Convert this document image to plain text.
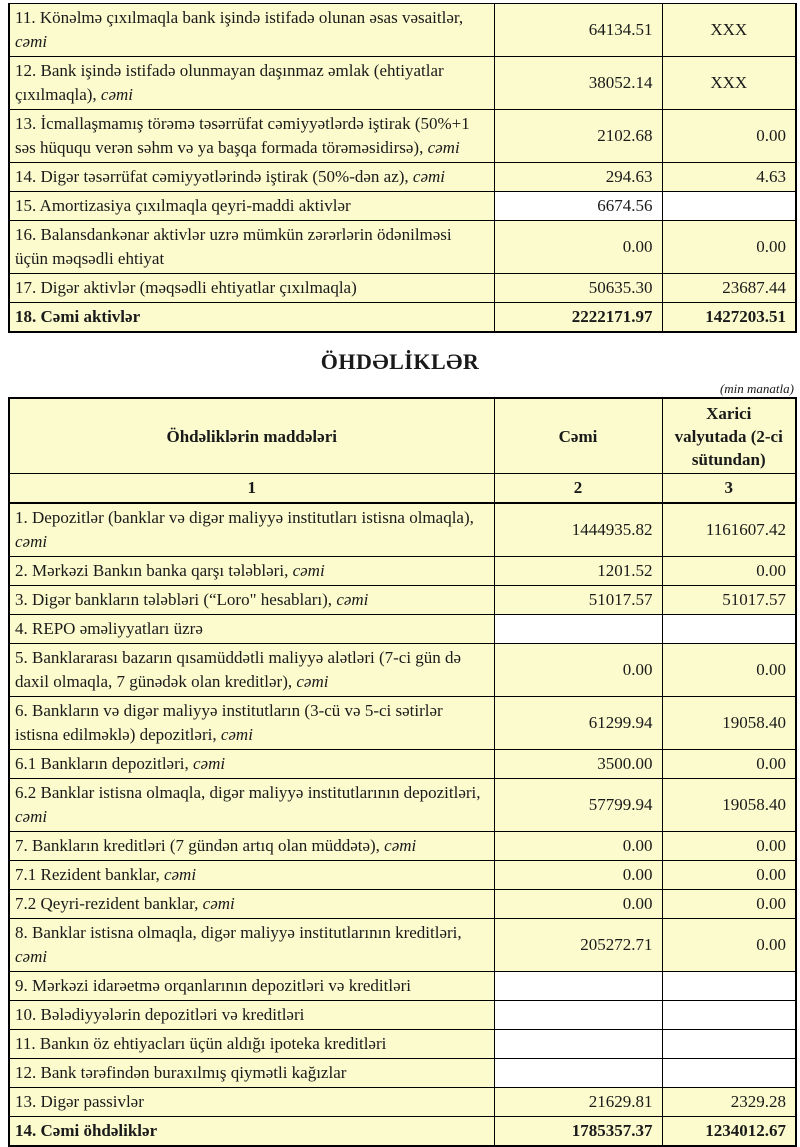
11. Könəlmə çıxılmaqla bank işində istifadə olunan əsas vəsaitlər, cəmi	64134.51	XXX
12. Bank işində istifadə olunmayan daşınmaz əmlak (ehtiyatlar çıxılmaqla), cəmi	38052.14	XXX
13. İcmallaşmamış törəmə təsərrüfat cəmiyyətlərdə iştirak (50%+1 səs hüququ verən səhm və ya başqa formada törəməsidirsə), cəmi	2102.68	0.00
14. Digər təsərrüfat cəmiyyətlərində iştirak (50%-dən az), cəmi	294.63	4.63
15. Amortizasiya çıxılmaqla qeyri-maddi aktivlər	6674.56	
16. Balansdankənar aktivlər uzrə mümkün zərərlərin ödənilməsi üçün məqsədli ehtiyat	0.00	0.00
17. Digər aktivlər (məqsədli ehtiyatlar çıxılmaqla)	50635.30	23687.44
18. Cəmi aktivlər	2222171.97	1427203.51
ÖHDƏLİKLƏR
(min manatla)
Öhdəliklərin maddələri	Cəmi	Xarici valyutada (2-ci sütundan)
1	2	3
1. Depozitlər (banklar və digər maliyyə institutları istisna olmaqla), cəmi	1444935.82	1161607.42
2. Mərkəzi Bankın banka qarşı tələbləri, cəmi	1201.52	0.00
3. Digər bankların tələbləri (“Loro" hesabları), cəmi	51017.57	51017.57
4. REPO əməliyyatları üzrə		
5. Banklararası bazarın qısamüddətli maliyyə alətləri (7-ci gün də daxil olmaqla, 7 günədək olan kreditlər), cəmi	0.00	0.00
6. Bankların və digər maliyyə institutların (3-cü və 5-ci sətirlər istisna edilməklə) depozitləri, cəmi	61299.94	19058.40
6.1 Bankların depozitləri, cəmi	3500.00	0.00
6.2 Banklar istisna olmaqla, digər maliyyə institutlarının depozitləri, cəmi	57799.94	19058.40
7. Bankların kreditləri (7 gündən artıq olan müddətə), cəmi	0.00	0.00
7.1 Rezident banklar, cəmi	0.00	0.00
7.2 Qeyri-rezident banklar, cəmi	0.00	0.00
8. Banklar istisna olmaqla, digər maliyyə institutlarının kreditləri, cəmi	205272.71	0.00
9. Mərkəzi idarəetmə orqanlarının depozitləri və kreditləri		
10. Bələdiyyələrin depozitləri və kreditləri		
11. Bankın öz ehtiyacları üçün aldığı ipoteka kreditləri		
12. Bank tərəfindən buraxılmış qiymətli kağızlar		
13. Digər passivlər	21629.81	2329.28
14. Cəmi öhdəliklər	1785357.37	1234012.67
